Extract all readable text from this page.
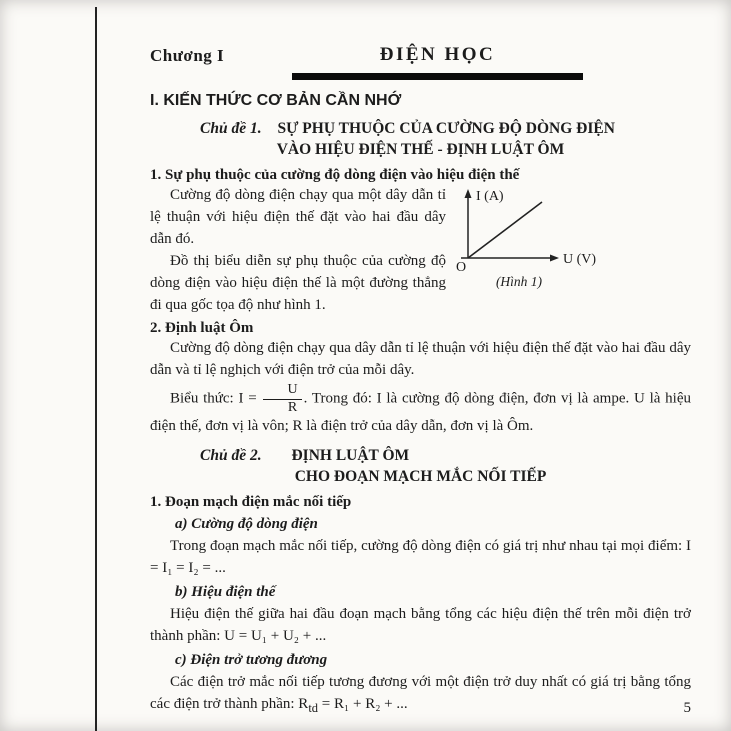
Chương I	ĐIỆN HỌC
I. KIẾN THỨC CƠ BẢN CẦN NHỚ
Chủ đề 1. SỰ PHỤ THUỘC CỦA CƯỜNG ĐỘ DÒNG ĐIỆN
VÀO HIỆU ĐIỆN THẾ - ĐỊNH LUẬT ÔM
1. Sự phụ thuộc của cường độ dòng điện vào hiệu điện thế
I (A)
U (V)
O
(Hình 1)

Cường độ dòng điện chạy qua một dây dẫn tỉ lệ thuận với hiệu điện thế đặt vào hai đầu dây dẫn đó.

Đồ thị biểu diễn sự phụ thuộc của cường độ dòng điện vào hiệu điện thế là một đường thẳng đi qua gốc tọa độ như hình 1.

2. Định luật Ôm

Cường độ dòng điện chạy qua dây dẫn tỉ lệ thuận với hiệu điện thế đặt vào hai đầu dây dẫn và tỉ lệ nghịch với điện trở của mỗi dây.

Biểu thức: $I = \frac{U}{R}$ . Trong đó: I là cường độ dòng điện, đơn vị là ampe. U là hiệu điện thế, đơn vị là vôn; R là điện trở của dây dẫn, đơn vị là Ôm.

Chủ đề 2. ĐỊNH LUẬT ÔM
CHO ĐOẠN MẠCH MẮC NỐI TIẾP
1. Đoạn mạch điện mắc nối tiếp
a) Cường độ dòng điện

Trong đoạn mạch mắc nối tiếp, cường độ dòng điện có giá trị như nhau tại mọi điểm: I = I₁ = I₂ = ...

b) Hiệu điện thế

Hiệu điện thế giữa hai đầu đoạn mạch bằng tổng các hiệu điện thế trên mỗi điện trở thành phần: U = U₁ + U₂ + ...

c) Điện trở tương đương

Các điện trở mắc nối tiếp tương đương với một điện trở duy nhất có giá trị bằng tổng các điện trở thành phần: $R_{td} = R_1 + R_2$ + ...	5
